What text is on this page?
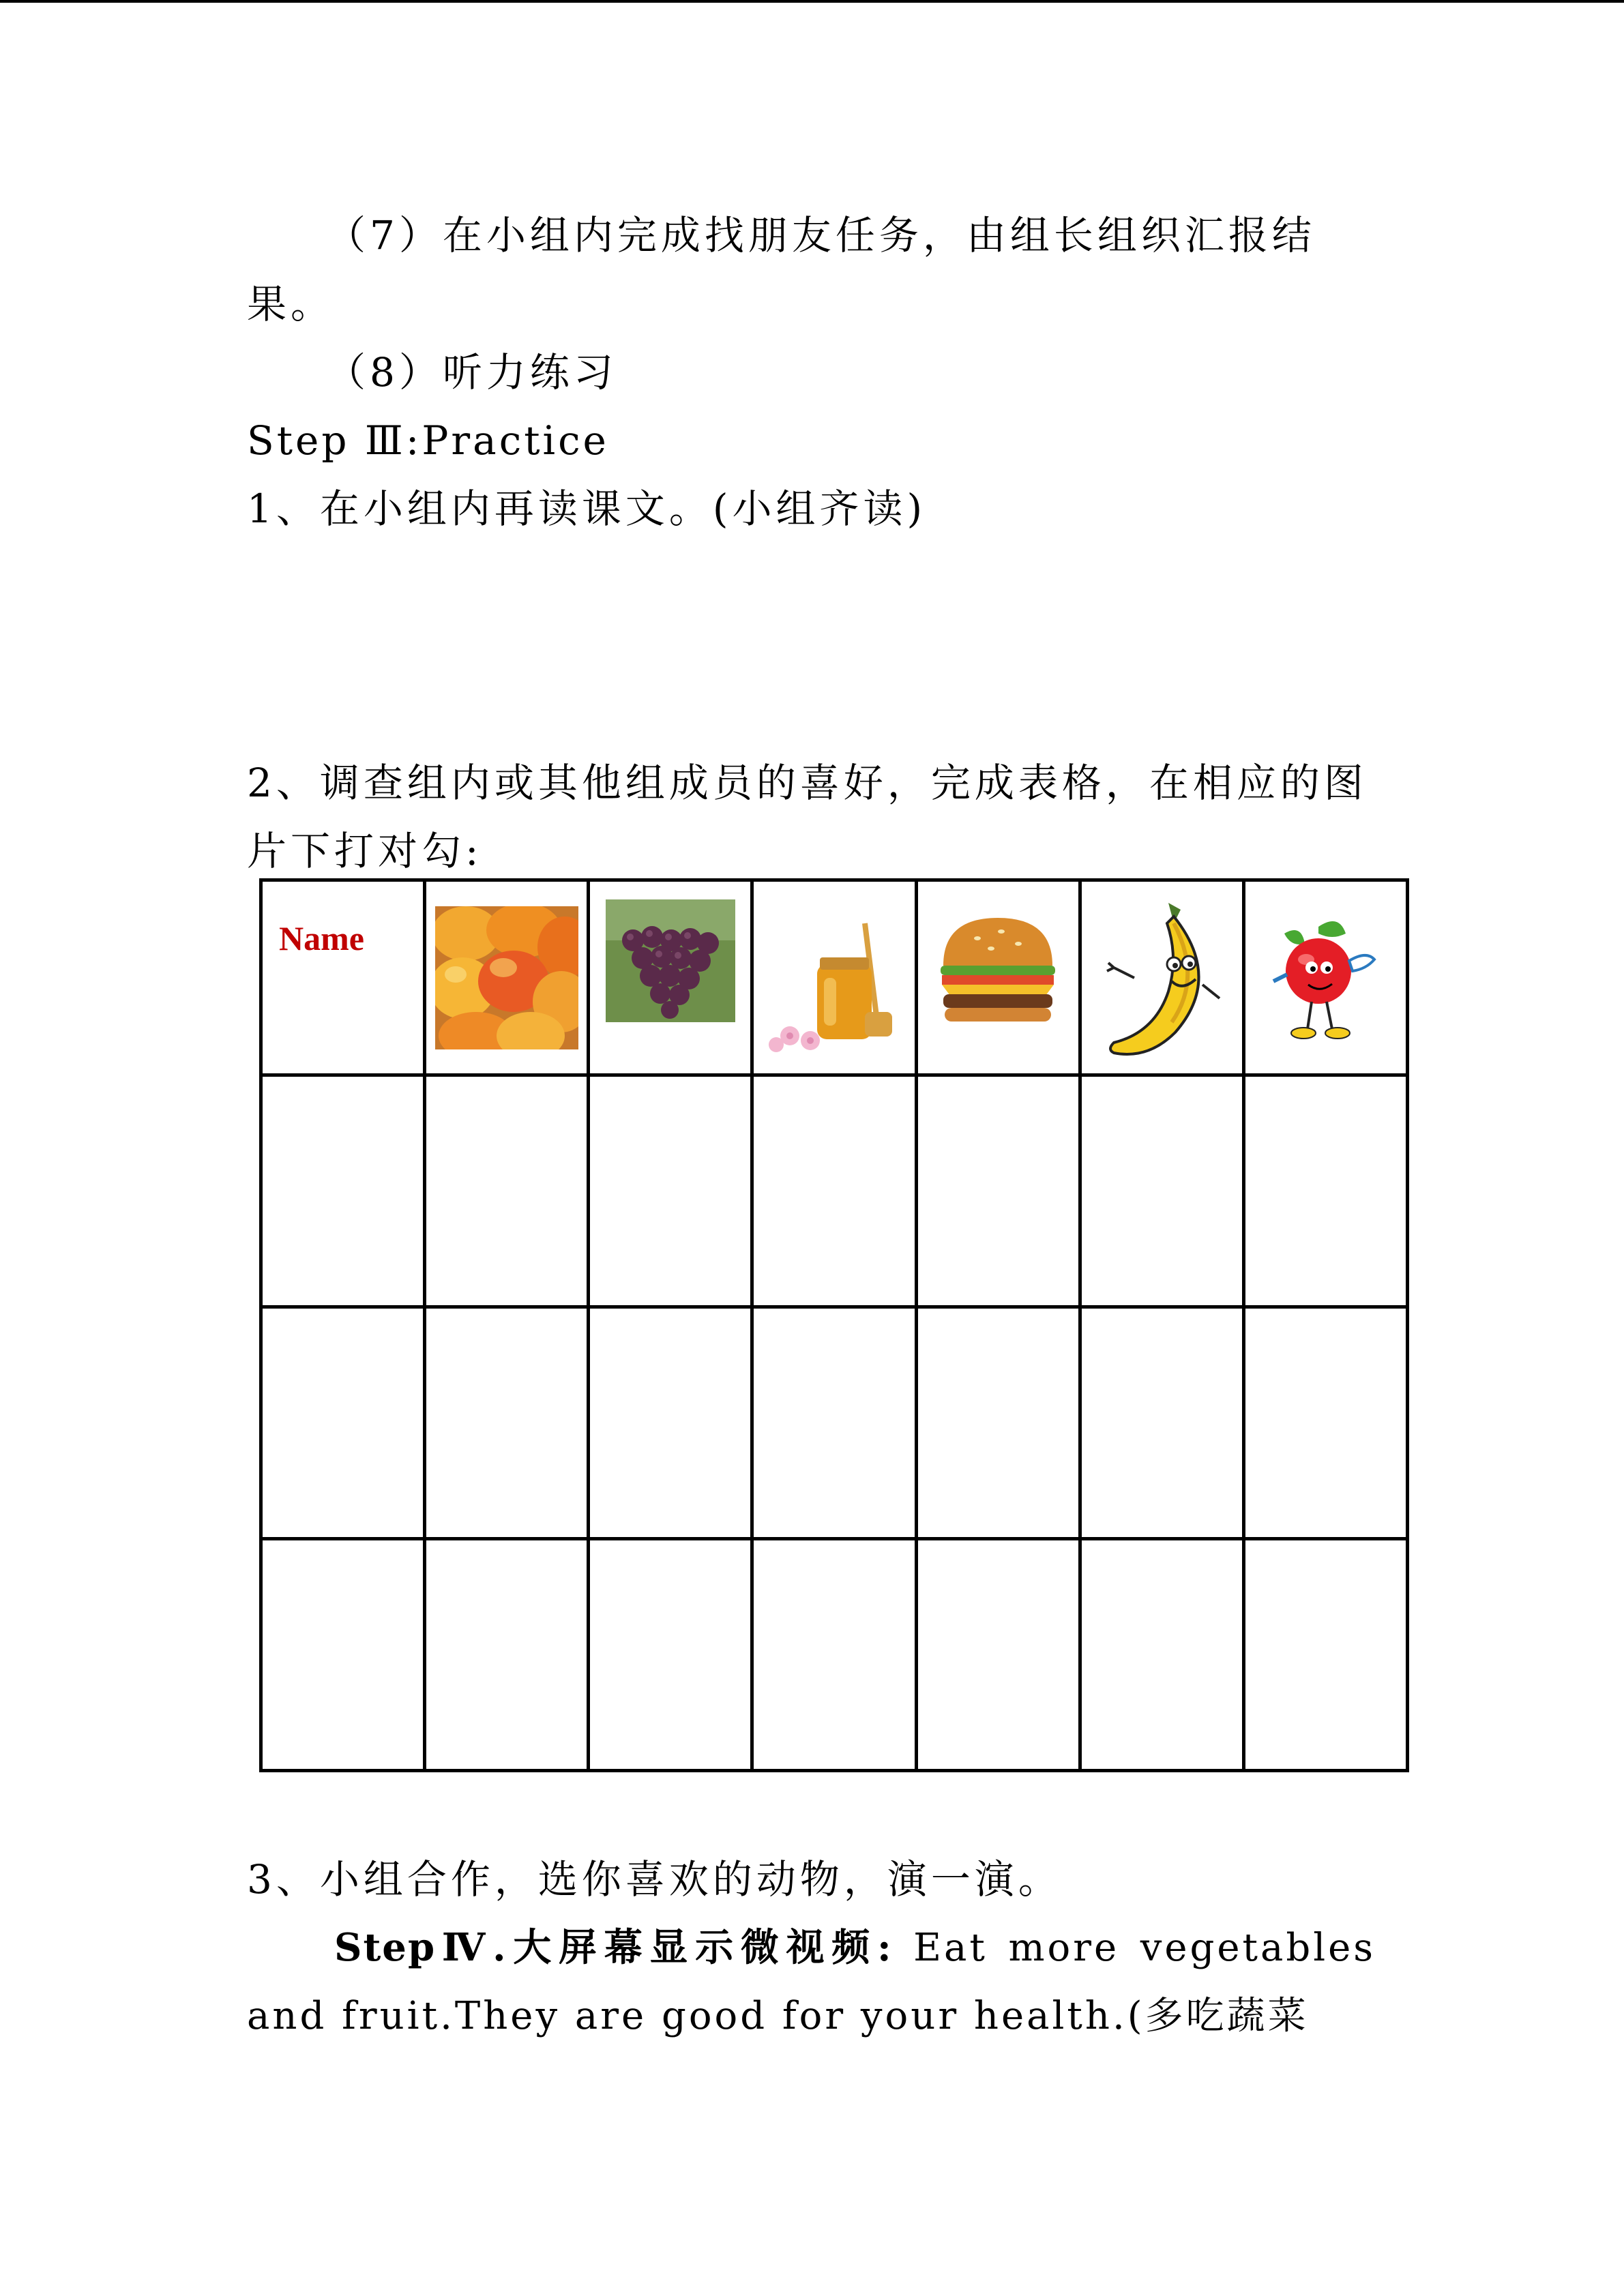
（7）在小组内完成找朋友任务，由组长组织汇报结
果。
（8）听力练习
Step Ⅲ:Practice
1、在小组内再读课文。(小组齐读)
2、调查组内或其他组成员的喜好，完成表格，在相应的图
片下打对勾:
Name

3、小组合作，选你喜欢的动物，演一演。
StepⅣ.大屏幕显示微视频: Eat more vegetables and fruit.They are good for your health.(多吃蔬菜
